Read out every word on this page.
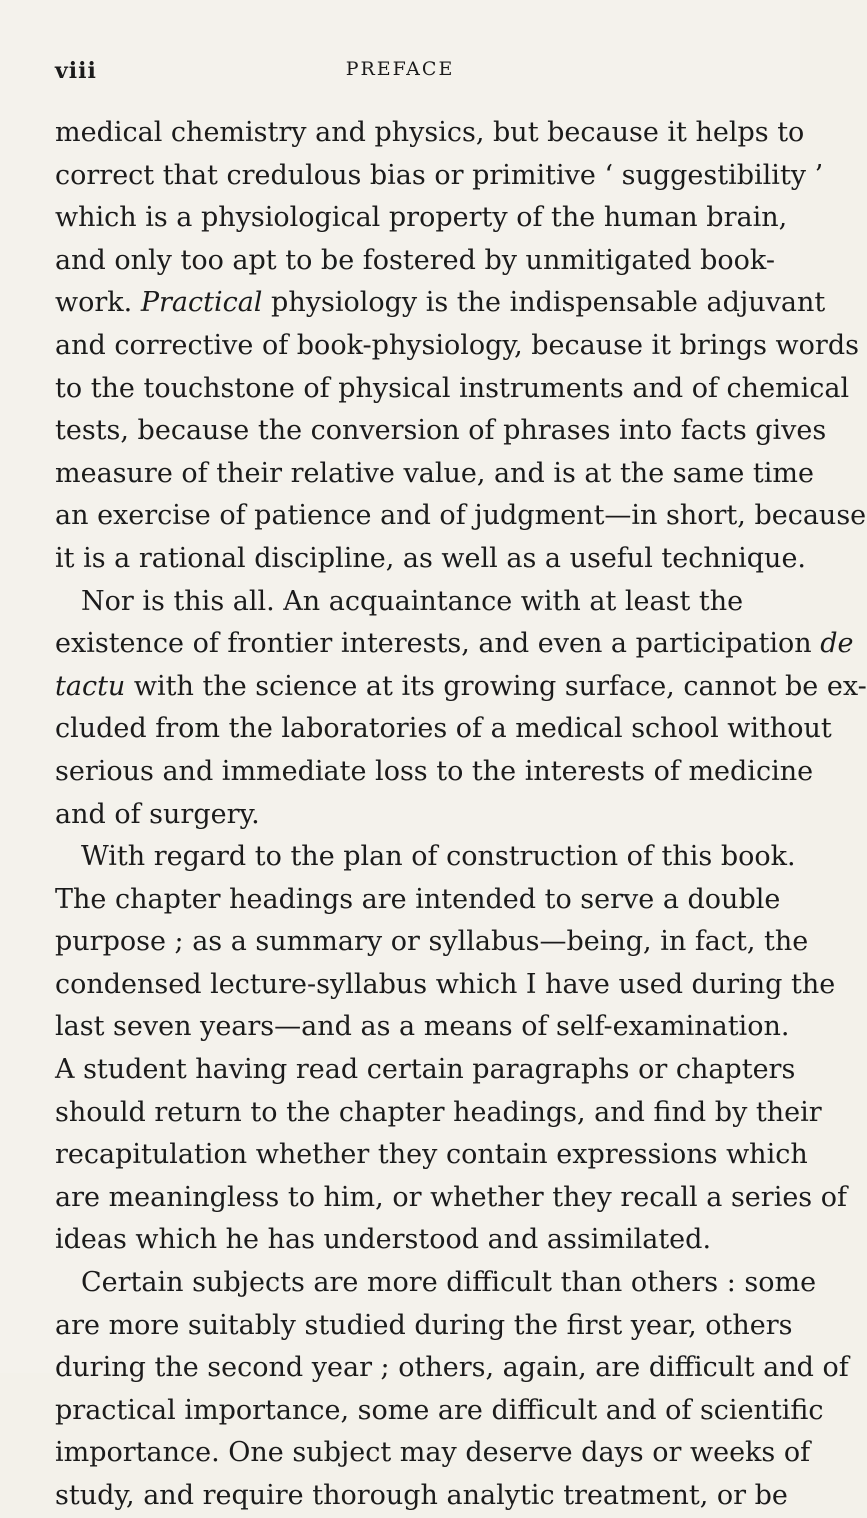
viii	PREFACE
medical chemistry and physics, but because it helps to
correct that credulous bias or primitive ‘ suggestibility ’
which is a physiological property of the human brain,
and only too apt to be fostered by unmitigated book-
work. Practical physiology is the indispensable adjuvant
and corrective of book-physiology, because it brings words
to the touchstone of physical instruments and of chemical
tests, because the conversion of phrases into facts gives
measure of their relative value, and is at the same time
an exercise of patience and of judgment—in short, because
it is a rational discipline, as well as a useful technique.
Nor is this all. An acquaintance with at least the
existence of frontier interests, and even a participation de
tactu with the science at its growing surface, cannot be ex-
cluded from the laboratories of a medical school without
serious and immediate loss to the interests of medicine
and of surgery.
With regard to the plan of construction of this book.
The chapter headings are intended to serve a double
purpose ; as a summary or syllabus—being, in fact, the
condensed lecture-syllabus which I have used during the
last seven years—and as a means of self-examination.
A student having read certain paragraphs or chapters
should return to the chapter headings, and find by their
recapitulation whether they contain expressions which
are meaningless to him, or whether they recall a series of
ideas which he has understood and assimilated.
Certain subjects are more difficult than others : some
are more suitably studied during the first year, others
during the second year ; others, again, are difficult and of
practical importance, some are difficult and of scientific
importance. One subject may deserve days or weeks of
study, and require thorough analytic treatment, or be
